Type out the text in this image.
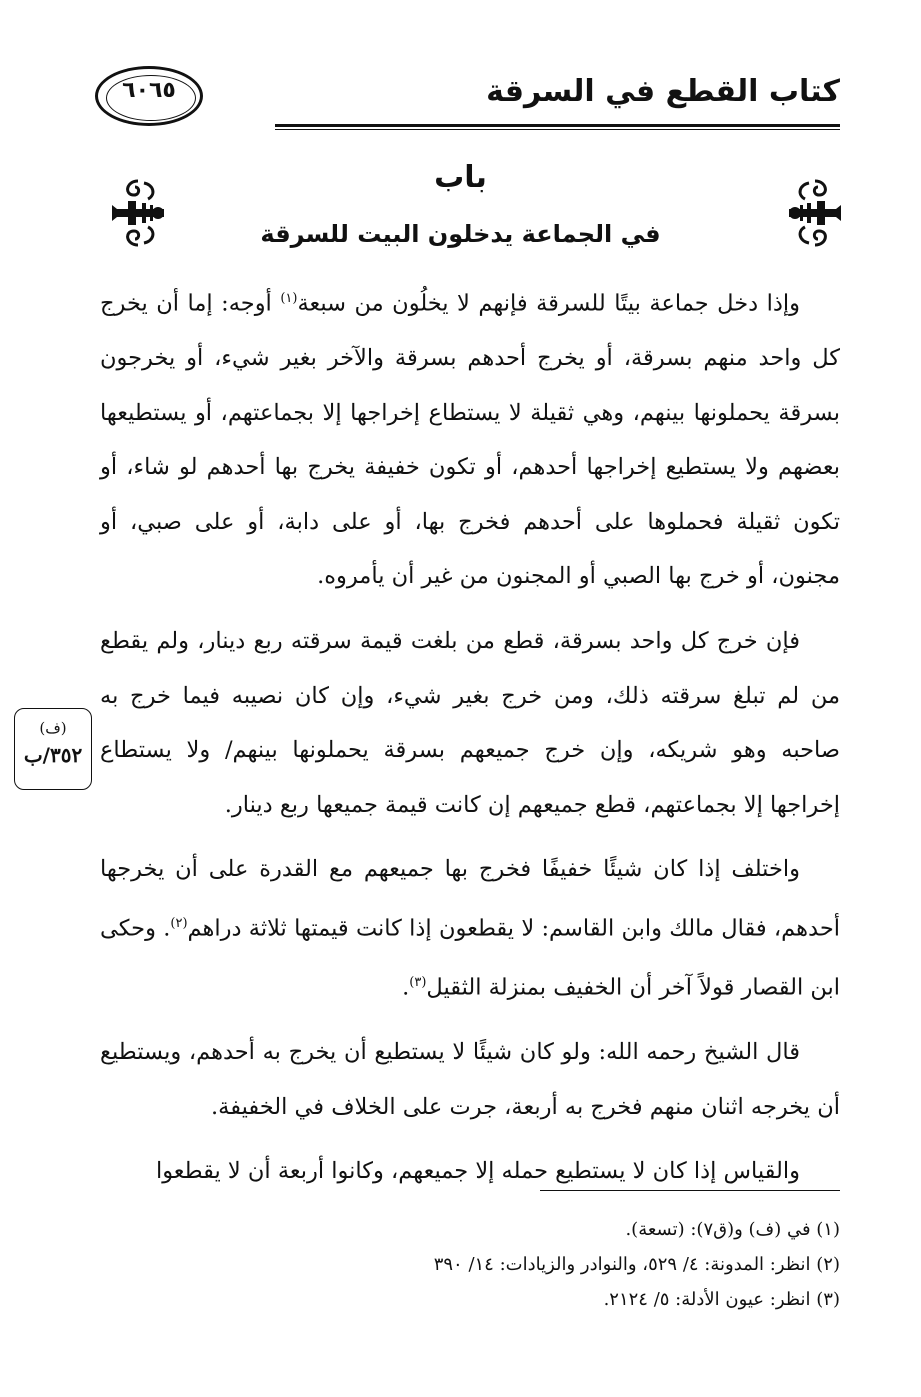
٦٠٦٥	كتاب القطع في السرقة
باب
في الجماعة يدخلون البيت للسرقة

وإذا دخل جماعة بيتًا للسرقة فإنهم لا يخلُون من سبعة$^{(١)}$ أوجه: إما أن يخرج كل واحد منهم بسرقة، أو يخرج أحدهم بسرقة والآخر بغير شيء، أو يخرجون بسرقة يحملونها بينهم، وهي ثقيلة لا يستطاع إخراجها إلا بجماعتهم، أو يستطيعها بعضهم ولا يستطيع إخراجها أحدهم، أو تكون خفيفة يخرج بها أحدهم لو شاء، أو تكون ثقيلة فحملوها على أحدهم فخرج بها، أو على دابة، أو على صبي، أو مجنون، أو خرج بها الصبي أو المجنون من غير أن يأمروه.

فإن خرج كل واحد بسرقة، قطع من بلغت قيمة سرقته ربع دينار، ولم يقطع من لم تبلغ سرقته ذلك، ومن خرج بغير شيء، وإن كان نصيبه فيما خرج به صاحبه وهو شريكه، وإن خرج جميعهم بسرقة يحملونها بينهم/ ولا يستطاع إخراجها إلا بجماعتهم، قطع جميعهم إن كانت قيمة جميعها ربع دينار.

واختلف إذا كان شيئًا خفيفًا فخرج بها جميعهم مع القدرة على أن يخرجها أحدهم، فقال مالك وابن القاسم: لا يقطعون إذا كانت قيمتها ثلاثة دراهم$^{(٢)}$. وحكى ابن القصار قولاً آخر أن الخفيف بمنزلة الثقيل$^{(٣)}$.

قال الشيخ رحمه الله: ولو كان شيئًا لا يستطيع أن يخرج به أحدهم، ويستطيع أن يخرجه اثنان منهم فخرج به أربعة، جرت على الخلاف في الخفيفة.

والقياس إذا كان لا يستطيع حمله إلا جميعهم، وكانوا أربعة أن لا يقطعوا

(ف)
٣٥٢/ب
(١) في (ف) و(ق٧): (تسعة).
(٢) انظر: المدونة: ٤/ ٥٢٩، والنوادر والزيادات: ١٤/ ٣٩٠
(٣) انظر: عيون الأدلة: ٥/ ٢١٢٤.
